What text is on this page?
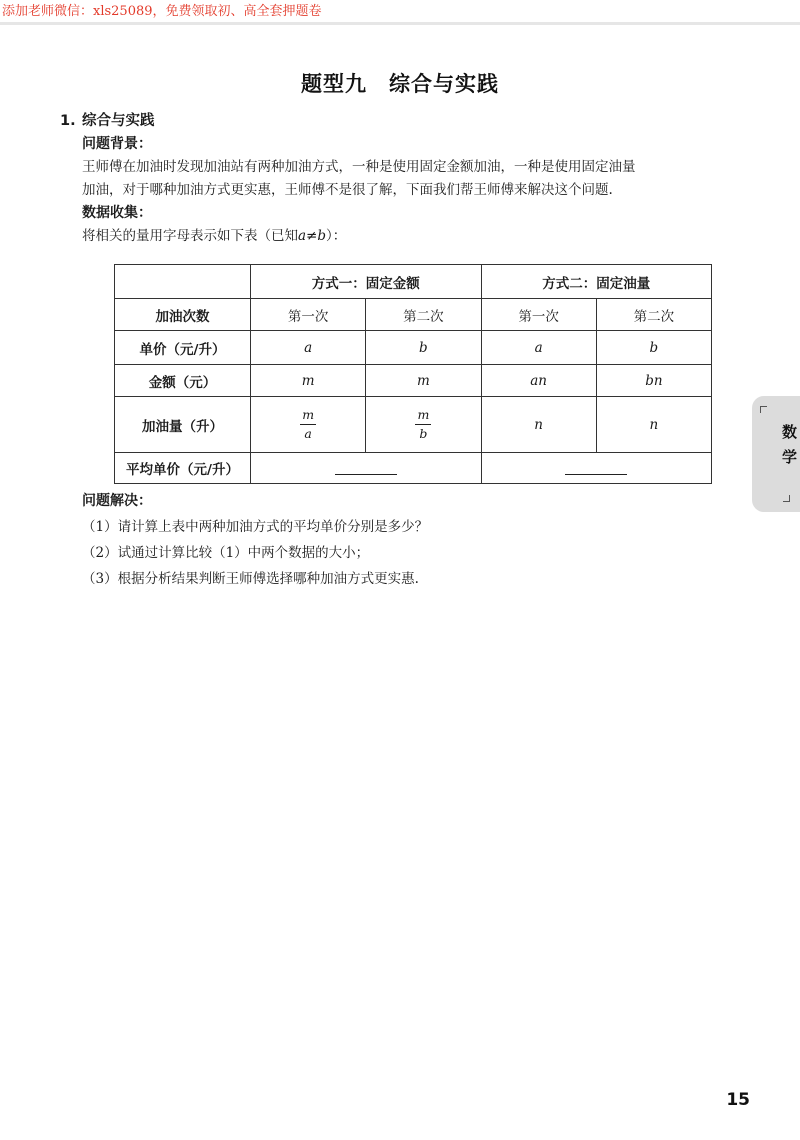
添加老师微信：xls25089，免费领取初、高全套押题卷
题型九 综合与实践
1. 综合与实践
问题背景：
王师傅在加油时发现加油站有两种加油方式，一种是使用固定金额加油，一种是使用固定油量
加油，对于哪种加油方式更实惠，王师傅不是很了解，下面我们帮王师傅来解决这个问题.
数据收集：
将相关的量用字母表示如下表（已知a≠b）：
	方式一：固定金额		方式二：固定油量	
加油次数	第一次	第二次	第一次	第二次
单价（元/升）	a	b	a	b
金额（元）	m	m	an	bn
加油量（升）	$\frac{m}{a}$	$\frac{m}{b}$	n	n
平均单价（元/升）				
问题解决：
（1）请计算上表中两种加油方式的平均单价分别是多少？
（2）试通过计算比较（1）中两个数据的大小；
（3）根据分析结果判断王师傅选择哪种加油方式更实惠.
数学
15
